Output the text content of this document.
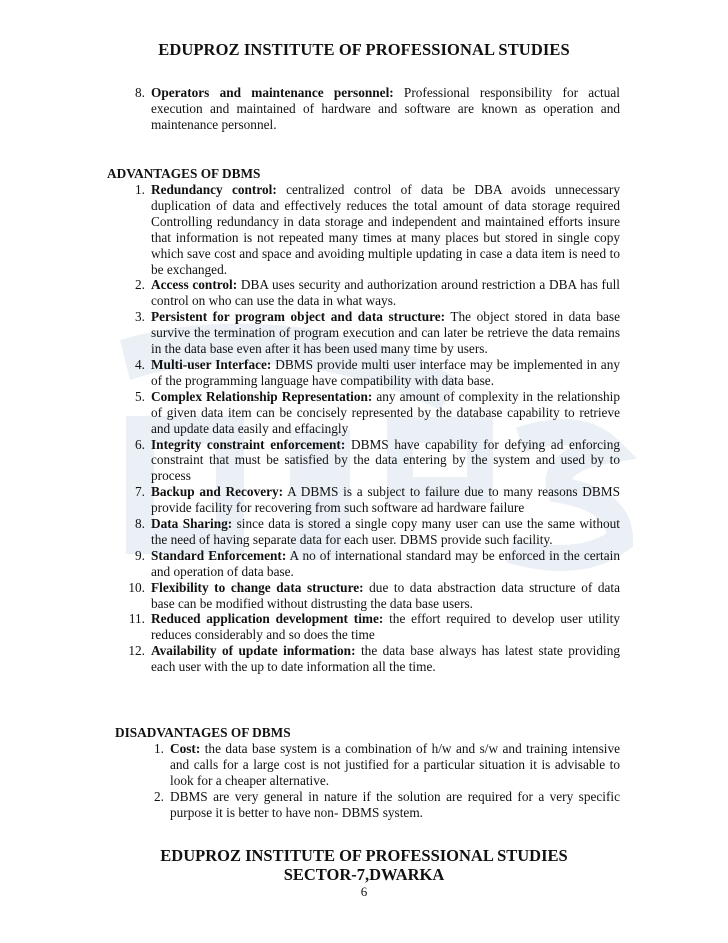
EDUPROZ INSTITUTE OF PROFESSIONAL STUDIES

8. Operators and maintenance personnel: Professional responsibility for actual execution and maintained of hardware and software are known as operation and maintenance personnel.

ADVANTAGES OF DBMS

1. Redundancy control: centralized control of data be DBA avoids unnecessary duplication of data and effectively reduces the total amount of data storage required Controlling redundancy in data storage and independent and maintained efforts insure that information is not repeated many times at many places but stored in single copy which save cost and space and avoiding multiple updating in case a data item is need to be exchanged.

2. Access control: DBA uses security and authorization around restriction a DBA has full control on who can use the data in what ways.

3. Persistent for program object and data structure: The object stored in data base survive the termination of program execution and can later be retrieve the data remains in the data base even after it has been used many time by users.

4. Multi-user Interface: DBMS provide multi user interface may be implemented in any of the programming language have compatibility with data base.

5. Complex Relationship Representation: any amount of complexity in the relationship of given data item can be concisely represented by the database capability to retrieve and update data easily and effacingly

6. Integrity constraint enforcement: DBMS have capability for defying ad enforcing constraint that must be satisfied by the data entering by the system and used by to process

7. Backup and Recovery: A DBMS is a subject to failure due to many reasons DBMS provide facility for recovering from such software ad hardware failure

8. Data Sharing: since data is stored a single copy many user can use the same without the need of having separate data for each user. DBMS provide such facility.

9. Standard Enforcement: A no of international standard may be enforced in the certain and operation of data base.

10. Flexibility to change data structure: due to data abstraction data structure of data base can be modified without distrusting the data base users.

11. Reduced application development time: the effort required to develop user utility reduces considerably and so does the time

12. Availability of update information: the data base always has latest state providing each user with the up to date information all the time.

DISADVANTAGES OF DBMS

1. Cost: the data base system is a combination of h/w and s/w and training intensive and calls for a large cost is not justified for a particular situation it is advisable to look for a cheaper alternative.

2. DBMS are very general in nature if the solution are required for a very specific purpose it is better to have non- DBMS system.

EDUPROZ INSTITUTE OF PROFESSIONAL STUDIES
SECTOR-7,DWARKA
6
